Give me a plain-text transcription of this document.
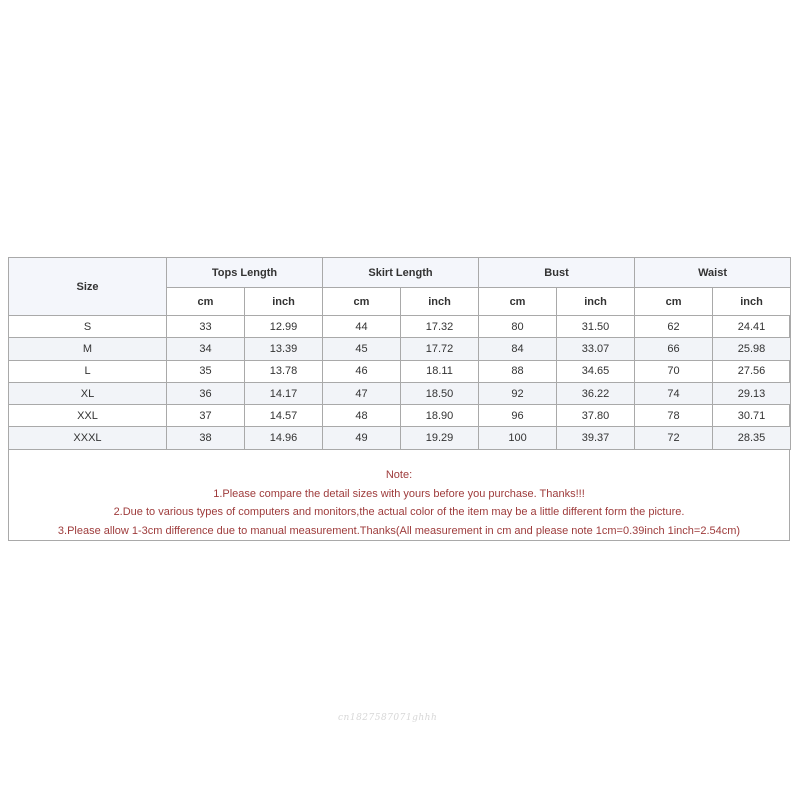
Size	Tops Length		Skirt Length		Bust		Waist	
	cm	inch	cm	inch	cm	inch	cm	inch
S	33	12.99	44	17.32	80	31.50	62	24.41
M	34	13.39	45	17.72	84	33.07	66	25.98
L	35	13.78	46	18.11	88	34.65	70	27.56
XL	36	14.17	47	18.50	92	36.22	74	29.13
XXL	37	14.57	48	18.90	96	37.80	78	30.71
XXXL	38	14.96	49	19.29	100	39.37	72	28.35
Note:
1.Please compare the detail sizes with yours before you purchase. Thanks!!!
2.Due to various types of computers and monitors,the actual color of the item may be a little different form the picture.
3.Please allow 1-3cm difference due to manual measurement.Thanks(All measurement in cm and please note 1cm=0.39inch 1inch=2.54cm)
cn1827587071ghhh
